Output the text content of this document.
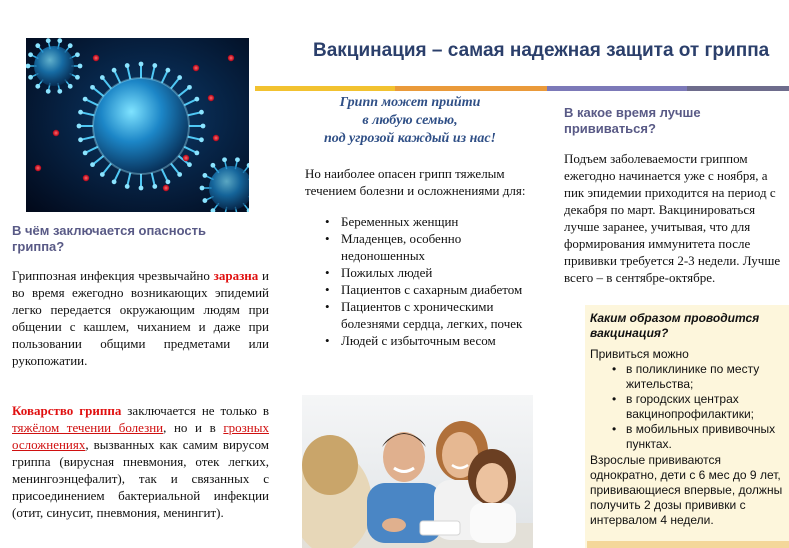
Вакцинация – самая надежная защита от гриппа
В чём заключается опасность гриппа?
Гриппозная инфекция чрезвычайно заразна и во время ежегодно возникающих эпидемий легко передается окружающим людям при общении с кашлем, чиханием и даже при пользовании общими предметами или рукопожатии.
Коварство гриппа заключается не только в тяжёлом течении болезни, но и в грозных осложнениях, вызванных как самим вирусом гриппа (вирусная пневмония, отек легких, менингоэнцефалит), так и связанных с присоединением бактериальной инфекции (отит, синусит, пневмония, менингит).
Грипп может прийти
в любую семью,
под угрозой каждый из нас!
Но наиболее опасен грипп тяжелым течением болезни и осложнениями для:
• Беременных женщин
• Младенцев, особенно недоношенных
• Пожилых людей
• Пациентов с сахарным диабетом
• Пациентов с хроническими болезнями сердца, легких, почек
• Людей с избыточным весом
В какое время лучше прививаться?
Подъем заболеваемости гриппом ежегодно начинается уже с ноября, а пик эпидемии приходится на период с декабря по март. Вакцинироваться лучше заранее, учитывая, что для формирования иммунитета после прививки требуется 2-3 недели. Лучше всего – в сентябре-октябре.
Каким образом проводится вакцинация?
Привиться можно
• в поликлинике по месту жительства;
• в городских центрах вакцинопрофилактики;
• в мобильных прививочных пунктах.
Взрослые прививаются однократно, дети с 6 мес до 9 лет, прививающиеся впервые, должны получить 2 дозы прививки с интервалом 4 недели.
